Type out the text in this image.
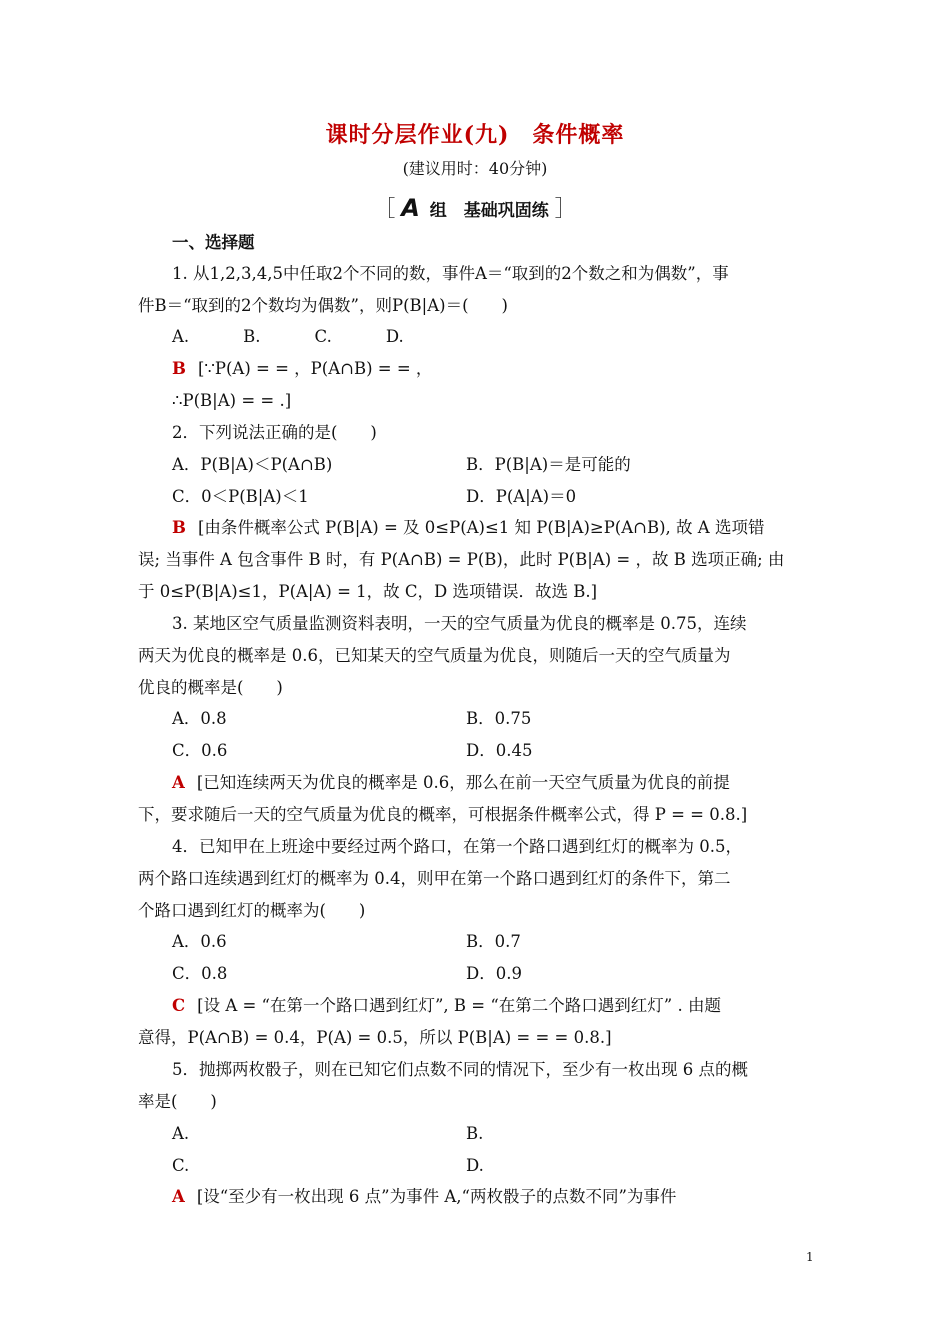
课时分层作业(九)　条件概率
(建议用时：40分钟)
［ A 组　基础巩固练 ］
一、选择题
1. 从1,2,3,4,5中任取2个不同的数，事件A＝“取到的2个数之和为偶数”，事
件B＝“取到的2个数均为偶数”，则P(B|A)＝(　　)
A.	B.	C.	D.
B [∵P(A) = = ，P(A∩B) = = ，
∴P(B|A) = = .]
2．下列说法正确的是(　　)
A．P(B|A)＜P(A∩B)	B．P(B|A)＝是可能的
C．0＜P(B|A)＜1	D．P(A|A)＝0
B [由条件概率公式 P(B|A) = 及 0≤P(A)≤1 知 P(B|A)≥P(A∩B), 故 A 选项错
误; 当事件 A 包含事件 B 时，有 P(A∩B) = P(B)，此时 P(B|A) = ，故 B 选项正确; 由
于 0≤P(B|A)≤1，P(A|A) = 1，故 C，D 选项错误．故选 B.]
3. 某地区空气质量监测资料表明，一天的空气质量为优良的概率是 0.75，连续
两天为优良的概率是 0.6，已知某天的空气质量为优良，则随后一天的空气质量为
优良的概率是(　　)
A．0.8	B．0.75
C．0.6	D．0.45
A [已知连续两天为优良的概率是 0.6，那么在前一天空气质量为优良的前提
下，要求随后一天的空气质量为优良的概率，可根据条件概率公式，得 P = = 0.8.]
4．已知甲在上班途中要经过两个路口，在第一个路口遇到红灯的概率为 0.5，
两个路口连续遇到红灯的概率为 0.4，则甲在第一个路口遇到红灯的条件下，第二
个路口遇到红灯的概率为(　　)
A．0.6	B．0.7
C．0.8	D．0.9
C [设 A = “在第一个路口遇到红灯”, B = “在第二个路口遇到红灯” . 由题
意得，P(A∩B) = 0.4，P(A) = 0.5，所以 P(B|A) = = = 0.8.]
5．抛掷两枚骰子，则在已知它们点数不同的情况下，至少有一枚出现 6 点的概
率是(　　)
A.	B.
C.	D.
A [设“至少有一枚出现 6 点”为事件 A,“两枚骰子的点数不同”为事件
1
